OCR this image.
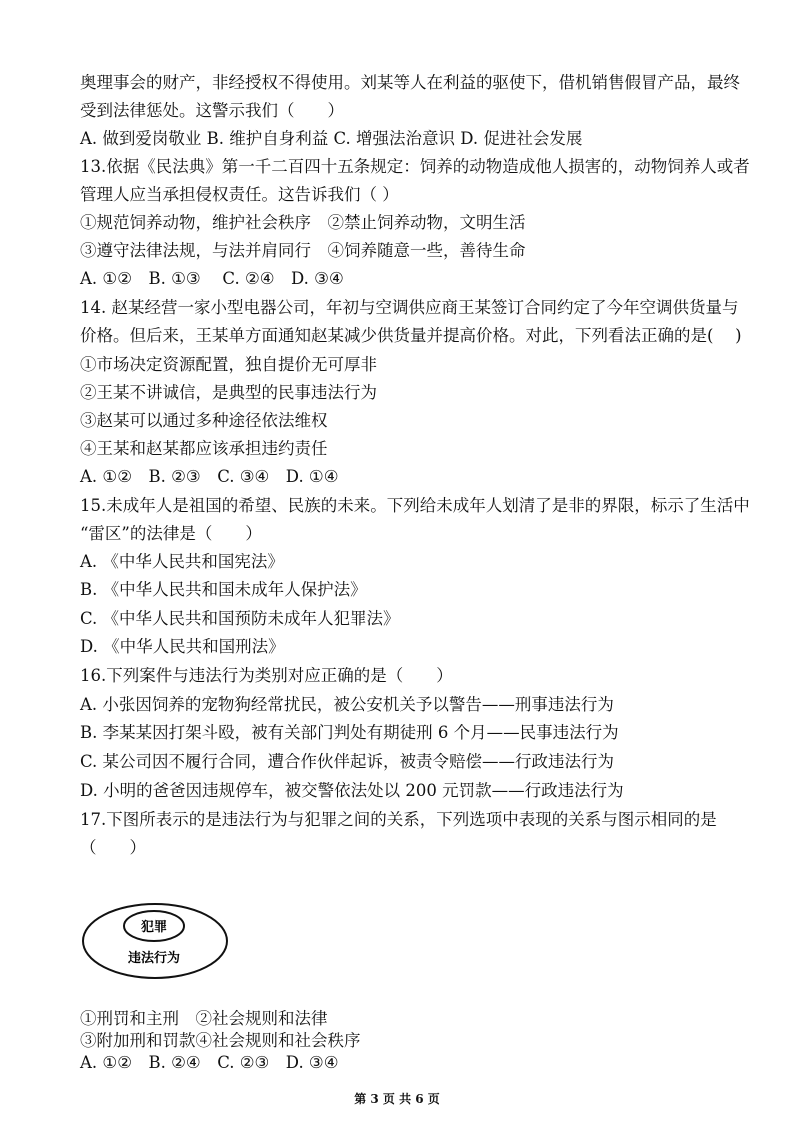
奥理事会的财产，非经授权不得使用。刘某等人在利益的驱使下，借机销售假冒产品，最终
受到法律惩处。这警示我们（　　）
A. 做到爱岗敬业 B. 维护自身利益 C. 增强法治意识 D. 促进社会发展
13.依据《民法典》第一千二百四十五条规定：饲养的动物造成他人损害的，动物饲养人或者
管理人应当承担侵权责任。这告诉我们（ ）
①规范饲养动物，维护社会秩序　②禁止饲养动物，文明生活
③遵守法律法规，与法并肩同行　④饲养随意一些，善待生命
A. ①②　B. ①③　 C. ②④　D. ③④
14. 赵某经营一家小型电器公司，年初与空调供应商王某签订合同约定了今年空调供货量与
价格。但后来，王某单方面通知赵某减少供货量并提高价格。对此，下列看法正确的是(　 )
①市场决定资源配置，独自提价无可厚非
②王某不讲诚信，是典型的民事违法行为
③赵某可以通过多种途径依法维权
④王某和赵某都应该承担违约责任
A. ①②　B. ②③　C. ③④　D. ①④
15.未成年人是祖国的希望、民族的未来。下列给未成年人划清了是非的界限，标示了生活中
“雷区”的法律是（　　）
A. 《中华人民共和国宪法》
B. 《中华人民共和国未成年人保护法》
C. 《中华人民共和国预防未成年人犯罪法》
D. 《中华人民共和国刑法》
16.下列案件与违法行为类别对应正确的是（　　）
A. 小张因饲养的宠物狗经常扰民，被公安机关予以警告——刑事违法行为
B. 李某某因打架斗殴，被有关部门判处有期徒刑 6 个月——民事违法行为
C. 某公司因不履行合同，遭合作伙伴起诉，被责令赔偿——行政违法行为
D. 小明的爸爸因违规停车，被交警依法处以 200 元罚款——行政违法行为
17.下图所表示的是违法行为与犯罪之间的关系，下列选项中表现的关系与图示相同的是
（　　）
犯罪
违法行为
①刑罚和主刑　②社会规则和法律
③附加刑和罚款④社会规则和社会秩序
A. ①②　B. ②④　C. ②③　D. ③④
第 3 页 共 6 页
